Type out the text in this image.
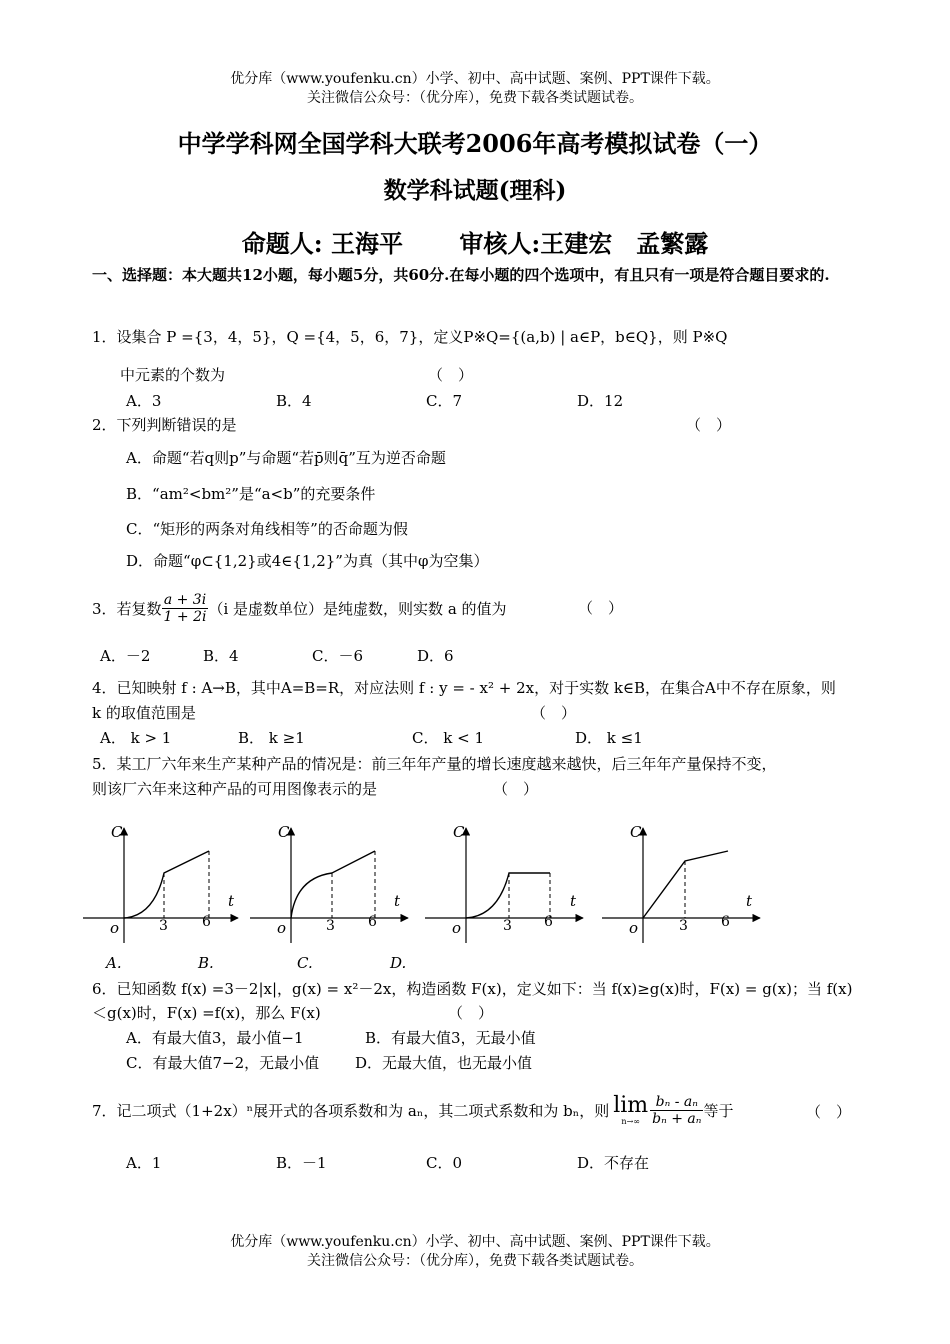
优分库（www.youfenku.cn）小学、初中、高中试题、案例、PPT课件下载。
关注微信公众号：（优分库），免费下载各类试题试卷。
中学学科网全国学科大联考2006年高考模拟试卷（一）
数学科试题(理科)
命题人: 王海平　　 审核人:王建宏　孟繁露
一、选择题：本大题共12小题，每小题5分，共60分.在每小题的四个选项中，有且只有一项是符合题目要求的.
1．设集合 P ={3，4，5}，Q ={4，5，6，7}，定义P※Q={(a,b) | a∈P，b∈Q}，则 P※Q
中元素的个数为	（　）
A．3	B．4	C．7	D．12
2．下列判断错误的是	（　）
A．命题“若q则p”与命题“若p̄则q̄”互为逆否命题
B．“am²<bm²”是“a<b”的充要条件
C．“矩形的两条对角线相等”的否命题为假
D．命题“φ⊂{1,2}或4∈{1,2}”为真（其中φ为空集）
3．若复数 $\frac{a + 3i}{1 + 2i} (i$ 是虚数单位）是纯虚数，则实数 a 的值为	（　）
A．－2	B．4	C．－6	D．6
4．已知映射 f : A→B，其中A=B=R，对应法则 f : y = - x² + 2x，对于实数 k∈B，在集合A中不存在原象，则
k 的取值范围是	（　）
A． k > 1	B． k ≥1	C． k < 1	D． k ≤1
5．某工厂六年来生产某种产品的情况是：前三年年产量的增长速度越来越快，后三年年产量保持不变，
则该厂六年来这种产品的可用图像表示的是	（　）
C
t
o	3 6
C
t
o	3 6
C
t
o	3 6
C
t
o	3 6
A.	B.	C.	D.
6．已知函数 f(x) =3－2|x|，g(x) = x²－2x，构造函数 F(x)，定义如下：当 f(x)≥g(x)时，F(x) = g(x)；当 f(x)
＜g(x)时，F(x) =f(x)，那么 F(x)	（　）
A．有最大值3，最小值−1	B．有最大值3，无最小值
C．有最大值7−2，无最小值 D．无最大值，也无最小值
7．记二项式（1+2x）ⁿ展开式的各项系数和为 aₙ，其二项式系数和为 bₙ，则 lim
$n\to\infty \frac{\text{bₙ - aₙ}}{\text{bₙ + aₙ}}$ 等于	（　）
A．1	B．－1	C．0	D．不存在
优分库（www.youfenku.cn）小学、初中、高中试题、案例、PPT课件下载。
关注微信公众号：（优分库），免费下载各类试题试卷。
